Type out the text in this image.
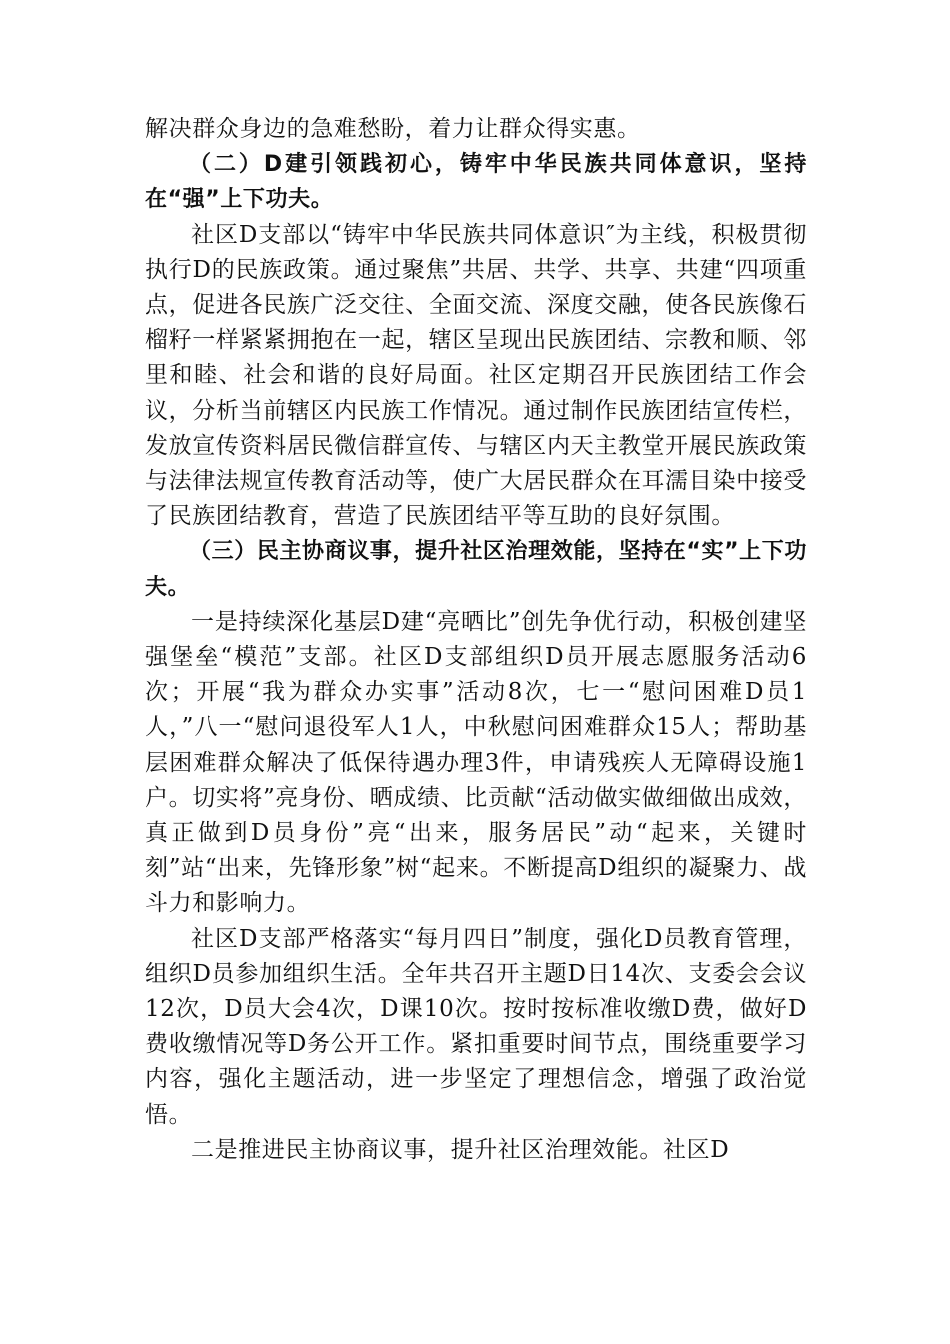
解决群众身边的急难愁盼，着力让群众得实惠。

（二）D建引领践初心，铸牢中华民族共同体意识，坚持在“强”上下功夫。

社区D支部以“铸牢中华民族共同体意识″为主线，积极贯彻执行D的民族政策。通过聚焦”共居、共学、共享、共建“四项重点，促进各民族广泛交往、全面交流、深度交融，使各民族像石榴籽一样紧紧拥抱在一起，辖区呈现出民族团结、宗教和顺、邻里和睦、社会和谐的良好局面。社区定期召开民族团结工作会议，分析当前辖区内民族工作情况。通过制作民族团结宣传栏，发放宣传资料居民微信群宣传、与辖区内天主教堂开展民族政策与法律法规宣传教育活动等，使广大居民群众在耳濡目染中接受了民族团结教育，营造了民族团结平等互助的良好氛围。

（三）民主协商议事，提升社区治理效能，坚持在“实”上下功夫。

一是持续深化基层D建“亮晒比”创先争优行动，积极创建坚强堡垒“模范”支部。社区D支部组织D员开展志愿服务活动6次；开展“我为群众办实事”活动8次，七一“慰问困难D员1人，”八一“慰问退役军人1人，中秋慰问困难群众15人；帮助基层困难群众解决了低保待遇办理3件，申请残疾人无障碍设施1户。切实将”亮身份、晒成绩、比贡献“活动做实做细做出成效，真正做到D员身份”亮“出来，服务居民”动“起来，关键时刻”站“出来，先锋形象”树“起来。不断提高D组织的凝聚力、战斗力和影响力。

社区D支部严格落实“每月四日”制度，强化D员教育管理，组织D员参加组织生活。全年共召开主题D日14次、支委会会议12次，D员大会4次，D课10次。按时按标准收缴D费，做好D费收缴情况等D务公开工作。紧扣重要时间节点，围绕重要学习内容，强化主题活动，进一步坚定了理想信念，增强了政治觉悟。

二是推进民主协商议事，提升社区治理效能。社区D
